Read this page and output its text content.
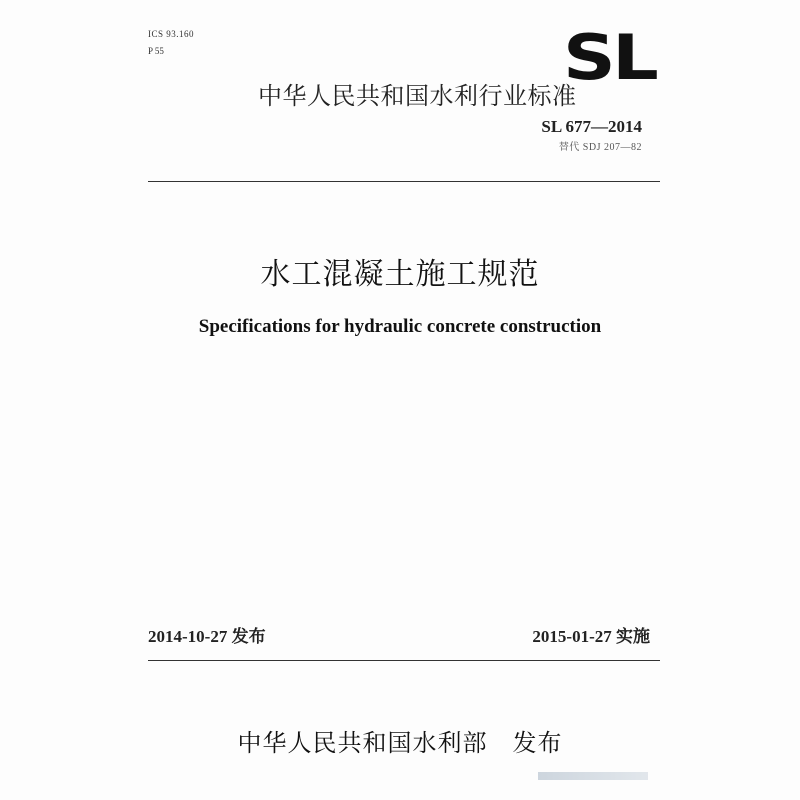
ICS 93.160
P 55	SL
中华人民共和国水利行业标准
SL 677—2014
替代 SDJ 207—82
水工混凝土施工规范
Specifications for hydraulic concrete construction
2014-10-27 发布	2015-01-27 实施
中华人民共和国水利部　发布
